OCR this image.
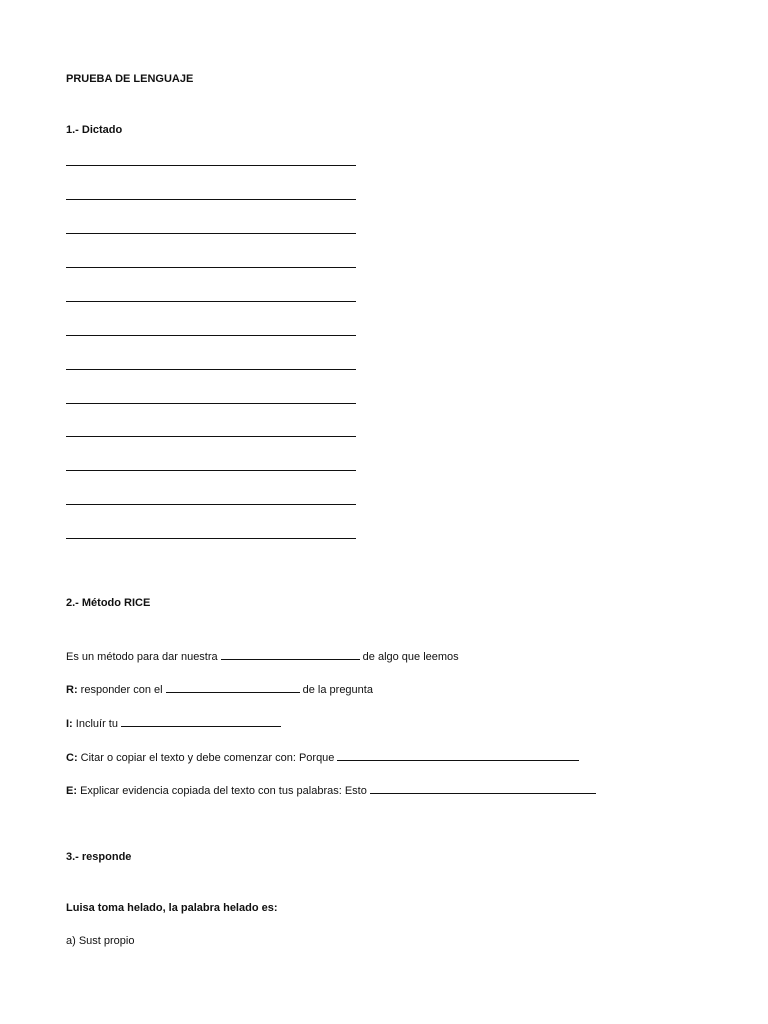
PRUEBA DE LENGUAJE
1.- Dictado
2.- Método RICE
Es un método para dar nuestra	de algo que leemos
R: responder con el	de la pregunta
I: Incluír tu
C: Citar o copiar el texto y debe comenzar con: Porque
E: Explicar evidencia copiada del texto con tus palabras: Esto
3.- responde
Luisa toma helado, la palabra helado es:
a) Sust propio
